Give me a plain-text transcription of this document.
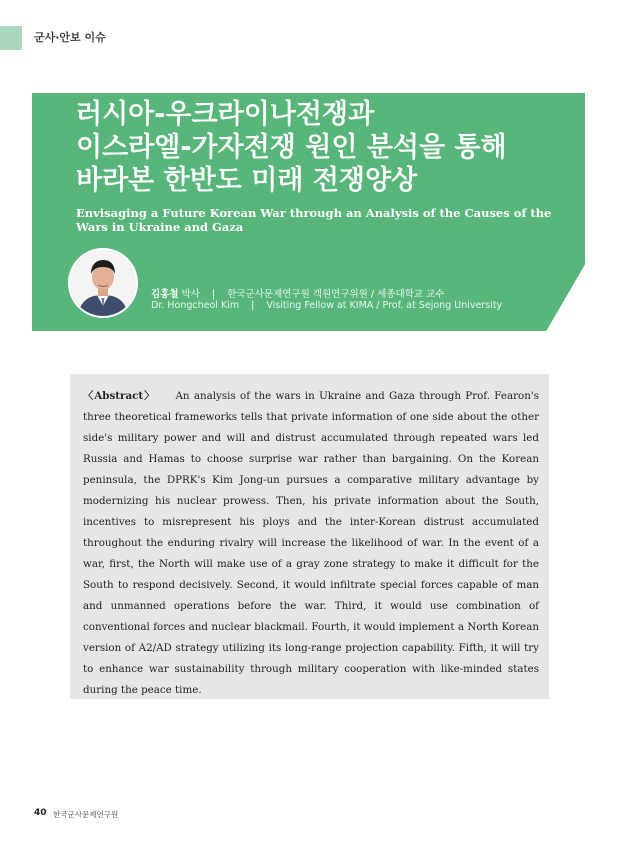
군사·안보 이슈
러시아-우크라이나전쟁과
이스라엘-가자전쟁 원인 분석을 통해
바라본 한반도 미래 전쟁양상

Envisaging a Future Korean War through an Analysis of the Causes of the Wars in Ukraine and Gaza

김홍철 박사 | 한국군사문제연구원 객원연구위원 / 세종대학교 교수
Dr. Hongcheol Kim | Visiting Fellow at KIMA / Prof. at Sejong University

〈Abstract〉 An analysis of the wars in Ukraine and Gaza through Prof. Fearon's three theoretical frameworks tells that private information of one side about the other side's military power and will and distrust accumulated through repeated wars led Russia and Hamas to choose surprise war rather than bargaining. On the Korean peninsula, the DPRK's Kim Jong-un pursues a comparative military advantage by modernizing his nuclear prowess. Then, his private information about the South, incentives to misrepresent his ploys and the inter-Korean distrust accumulated throughout the enduring rivalry will increase the likelihood of war. In the event of a war, first, the North will make use of a gray zone strategy to make it difficult for the South to respond decisively. Second, it would infiltrate special forces capable of man and unmanned operations before the war. Third, it would use combination of conventional forces and nuclear blackmail. Fourth, it would implement a North Korean version of A2/AD strategy utilizing its long-range projection capability. Fifth, it will try to enhance war sustainability through military cooperation with like-minded states during the peace time.

40 한국군사문제연구원
